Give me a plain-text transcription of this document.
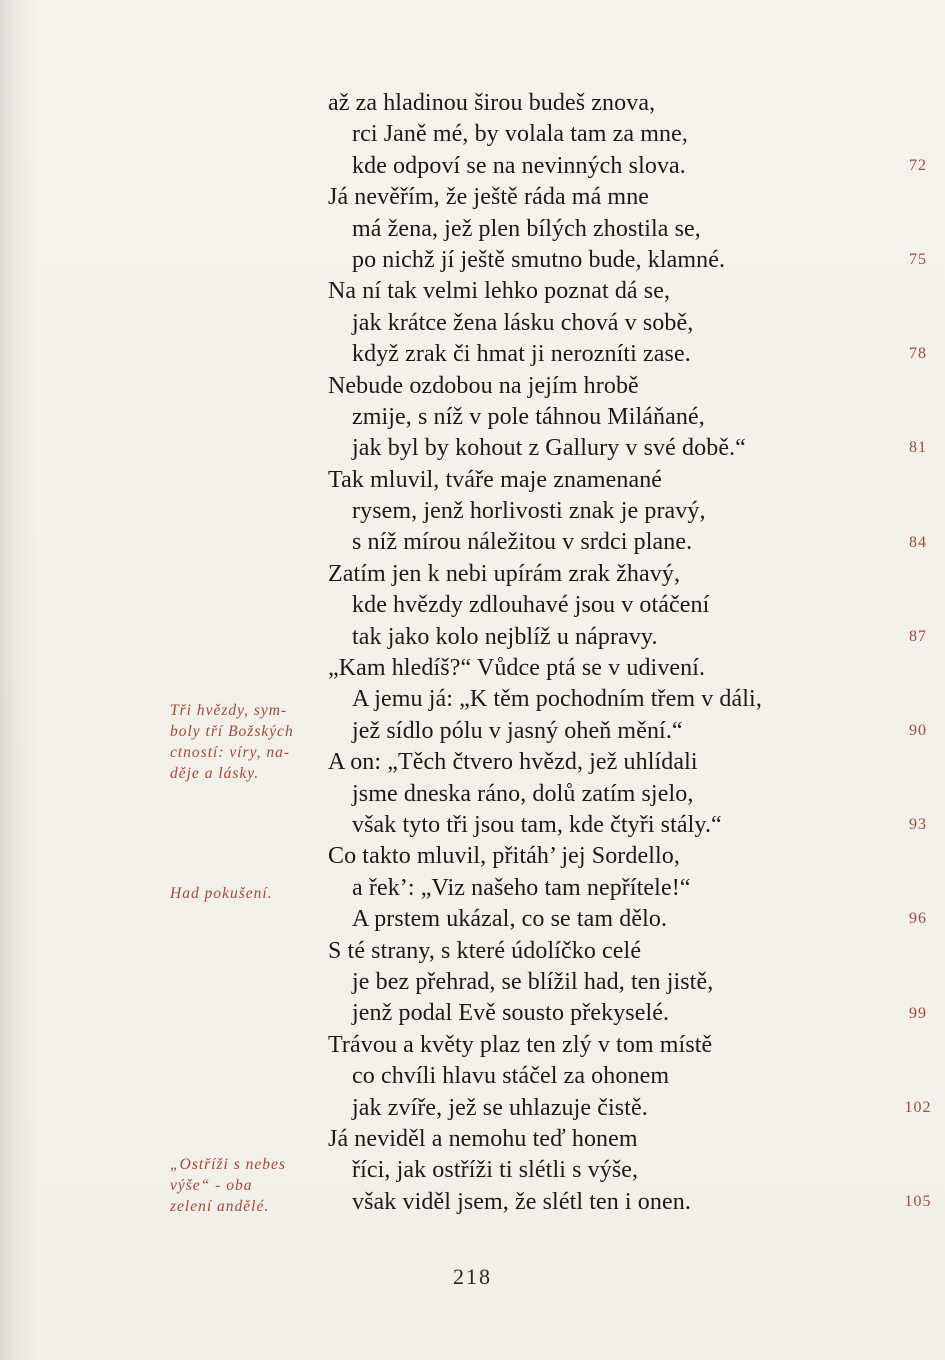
až za hladinou širou budeš znova,
rci Janě mé, by volala tam za mne,
kde odpoví se na nevinných slova.
Já nevěřím, že ještě ráda má mne
má žena, jež plen bílých zhostila se,
po nichž jí ještě smutno bude, klamné.
Na ní tak velmi lehko poznat dá se,
jak krátce žena lásku chová v sobě,
když zrak či hmat ji nerozníti zase.
Nebude ozdobou na jejím hrobě
zmije, s níž v pole táhnou Miláňané,
jak byl by kohout z Gallury v své době.“
Tak mluvil, tváře maje znamenané
rysem, jenž horlivosti znak je pravý,
s níž mírou náležitou v srdci plane.
Zatím jen k nebi upírám zrak žhavý,
kde hvězdy zdlouhavé jsou v otáčení
tak jako kolo nejblíž u nápravy.
„Kam hledíš?“ Vůdce ptá se v udivení.
A jemu já: „K těm pochodním třem v dáli,
jež sídlo pólu v jasný oheň mění.“
A on: „Těch čtvero hvězd, jež uhlídali
jsme dneska ráno, dolů zatím sjelo,
však tyto tři jsou tam, kde čtyři stály.“
Co takto mluvil, přitáh’ jej Sordello,
a řek’: „Viz našeho tam nepřítele!“
A prstem ukázal, co se tam dělo.
S té strany, s které údolíčko celé
je bez přehrad, se blížil had, ten jistě,
jenž podal Evě sousto překyselé.
Trávou a květy plaz ten zlý v tom místě
co chvíli hlavu stáčel za ohonem
jak zvíře, jež se uhlazuje čistě.
Já neviděl a nemohu teď honem
říci, jak ostříži ti slétli s výše,
však viděl jsem, že slétl ten i onen.
72
75
78
81
84
87
90
93
96
99
102
105
Tři hvězdy, sym-
boly tří Božských
ctností: víry, na-
děje a lásky.
Had pokušení.
„Ostříži s nebes
výše“ - oba
zelení andělé.
218
